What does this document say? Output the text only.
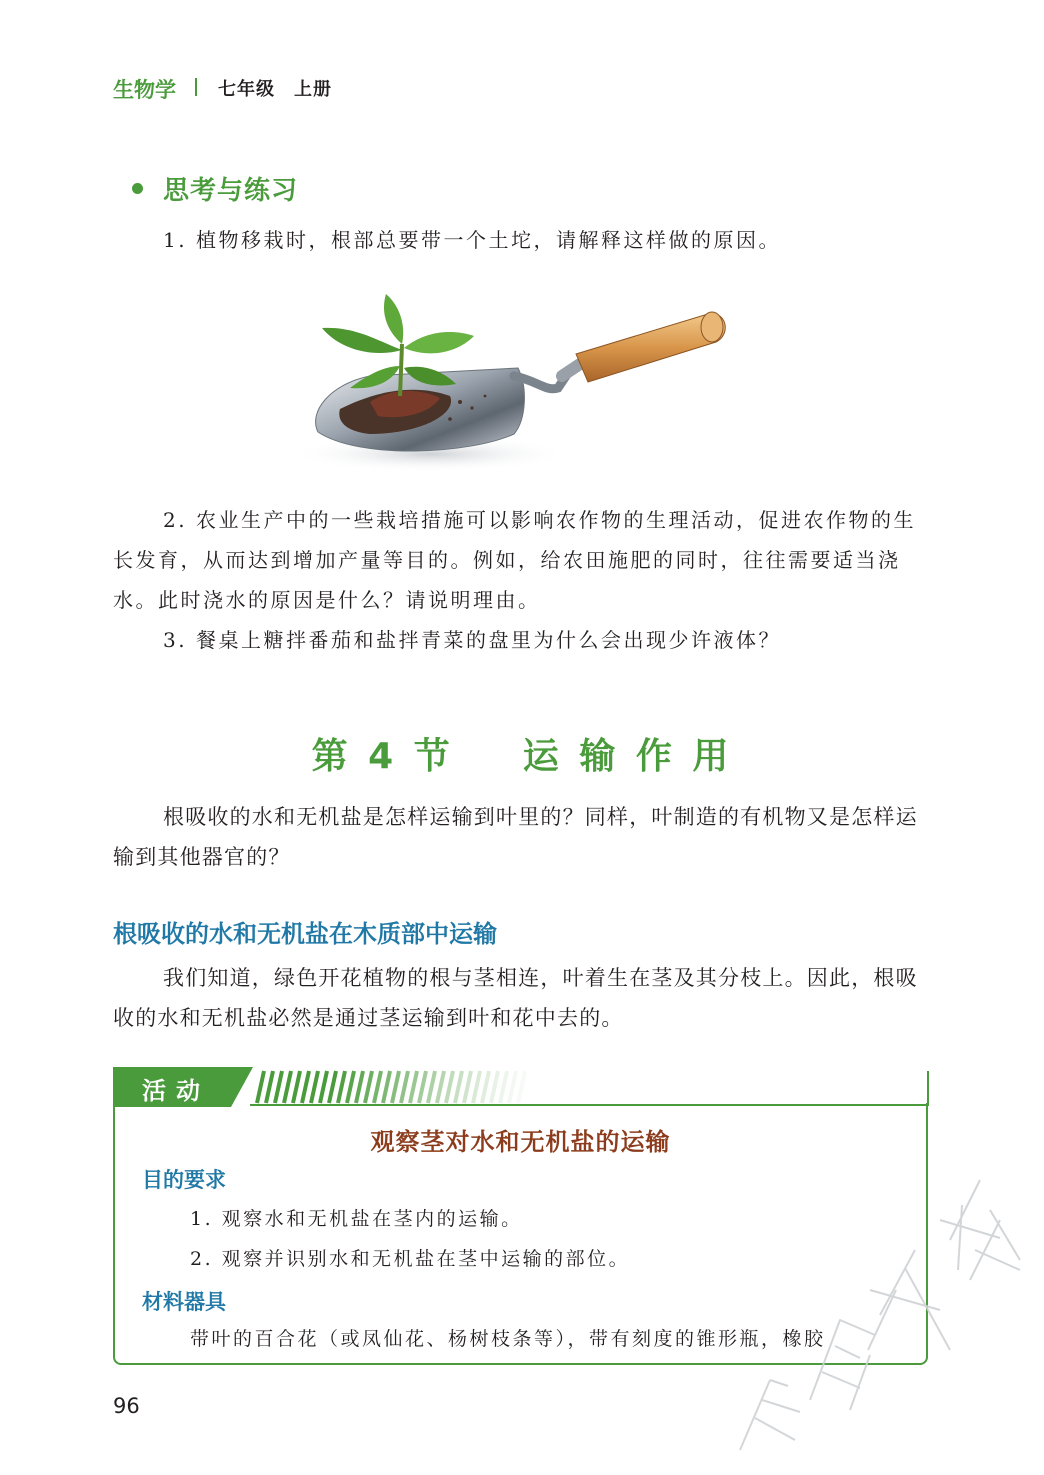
生物学 七年级　上册
思考与练习
1. 植物移栽时，根部总要带一个土坨，请解释这样做的原因。
2. 农业生产中的一些栽培措施可以影响农作物的生理活动，促进农作物的生长发育，从而达到增加产量等目的。例如，给农田施肥的同时，往往需要适当浇水。此时浇水的原因是什么？请说明理由。
3. 餐桌上糖拌番茄和盐拌青菜的盘里为什么会出现少许液体？
第 4 节 运 输 作 用
根吸收的水和无机盐是怎样运输到叶里的？同样，叶制造的有机物又是怎样运输到其他器官的？
根吸收的水和无机盐在木质部中运输
我们知道，绿色开花植物的根与茎相连，叶着生在茎及其分枝上。因此，根吸收的水和无机盐必然是通过茎运输到叶和花中去的。
活动
观察茎对水和无机盐的运输
目的要求
1. 观察水和无机盐在茎内的运输。
2. 观察并识别水和无机盐在茎中运输的部位。
材料器具
带叶的百合花（或凤仙花、杨树枝条等），带有刻度的锥形瓶，橡胶
96
